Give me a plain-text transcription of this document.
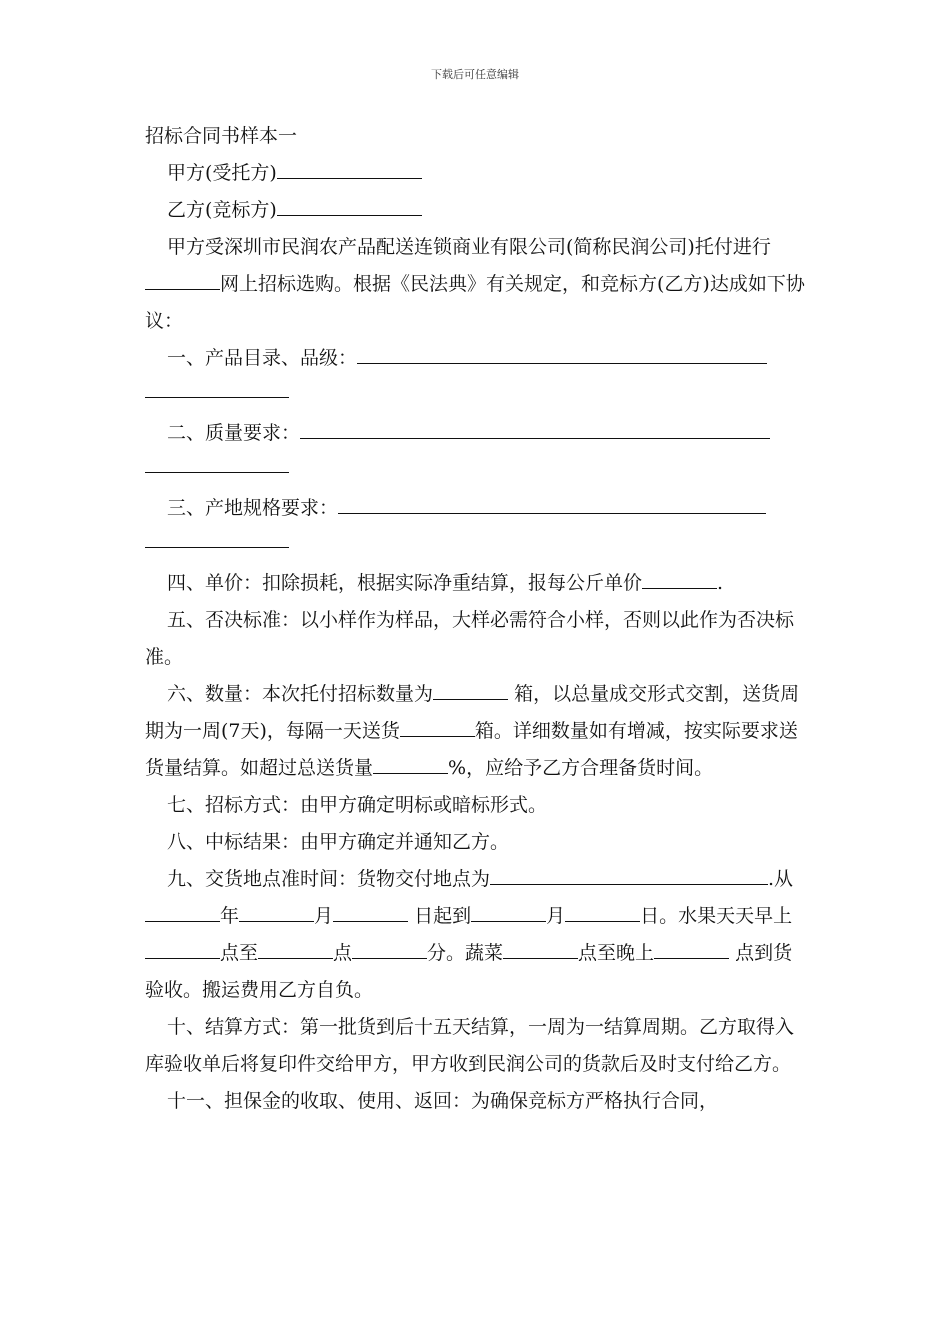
下载后可任意编辑

招标合同书样本一

甲方(受托方)

乙方(竞标方)

甲方受深圳市民润农产品配送连锁商业有限公司(简称民润公司)托付进行网上招标选购。根据《民法典》有关规定，和竞标方(乙方)达成如下协议：

一、产品目录、品级：

二、质量要求：

三、产地规格要求：

四、单价：扣除损耗，根据实际净重结算，报每公斤单价	.

五、否决标准：以小样作为样品，大样必需符合小样，否则以此作为否决标准。

六、数量：本次托付招标数量为	箱，以总量成交形式交割，送货周期为一周(7天)，每隔一天送货	箱。详细数量如有增减，按实际要求送货量结算。如超过总送货量	%，应给予乙方合理备货时间。

七、招标方式：由甲方确定明标或暗标形式。

八、中标结果：由甲方确定并通知乙方。

九、交货地点准时间：货物交付地点为	.从年	月	日起到	月	日。水果天天早上点至	点	分。蔬菜	点至晚上	点到货验收。搬运费用乙方自负。

十、结算方式：第一批货到后十五天结算，一周为一结算周期。乙方取得入库验收单后将复印件交给甲方，甲方收到民润公司的货款后及时支付给乙方。

十一、担保金的收取、使用、返回：为确保竞标方严格执行合同，
